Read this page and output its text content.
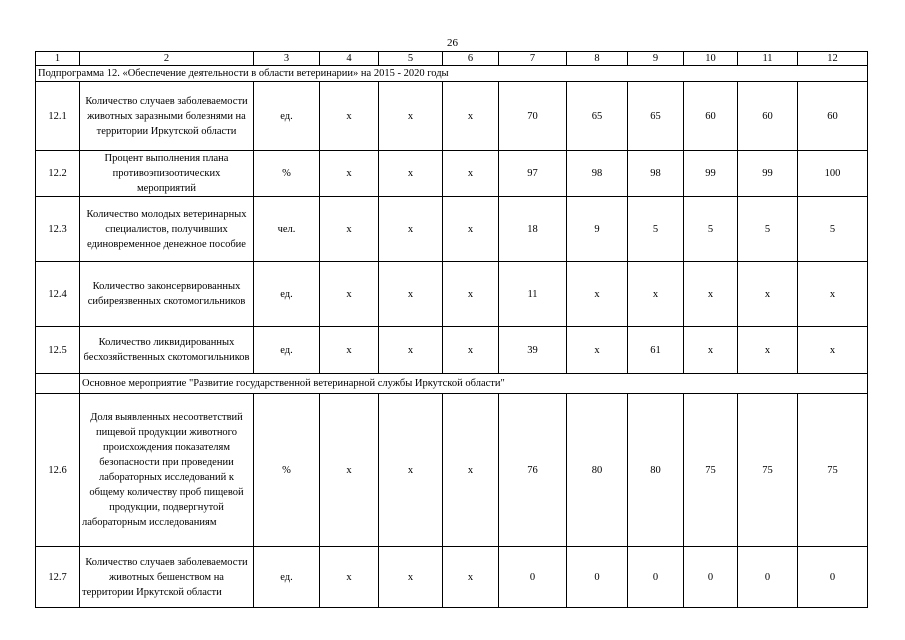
26
1	2	3	4	5	6	7	8	9	10	11	12
Подпрограмма 12. «Обеспечение деятельности в области ветеринарии» на 2015 - 2020 годы											
12.1	Количество случаев заболеваемости животных заразными болезнями на территории Иркутской области	ед.	x	x	x	70	65	65	60	60	60
12.2	Процент выполнения плана противоэпизоотических мероприятий	%	x	x	x	97	98	98	99	99	100
12.3	Количество молодых ветеринарных специалистов, получивших единовременное денежное пособие	чел.	x	x	x	18	9	5	5	5	5
12.4	Количество законсервированных сибиреязвенных скотомогильников	ед.	x	x	x	11	x	x	x	x	x
12.5	Количество ликвидированных бесхозяйственных скотомогильников	ед.	x	x	x	39	x	61	x	x	x
	Основное мероприятие "Развитие государственной ветеринарной службы Иркутской области"										
12.6	Доля выявленных несоответствий пищевой продукции животного происхождения показателям безопасности при проведении лабораторных исследований к общему количеству проб пищевой продукции, подвергнутой лабораторным исследованиям	%	x	x	x	76	80	80	75	75	75
12.7	Количество случаев заболеваемости животных бешенством на территории Иркутской области	ед.	x	x	x	0	0	0	0	0	0
